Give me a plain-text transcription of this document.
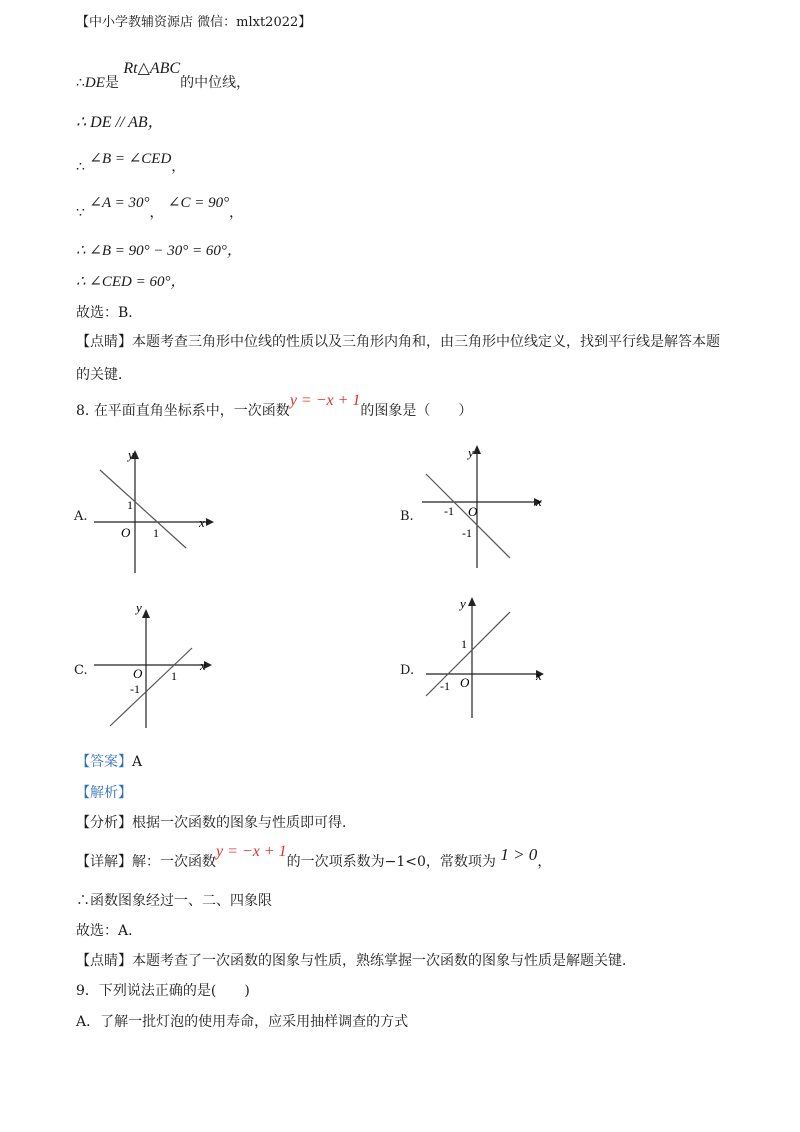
【中小学教辅资源店 微信：mlxt2022】
∴DE是 Rt△ABC的中位线，
∴ DE // AB，
∴ ∠B = ∠CED，
∵ ∠A = 30°， ∠C = 90°，
∴ ∠B = 90° − 30° = 60°，
∴ ∠CED = 60°，
故选：B．
【点睛】本题考查三角形中位线的性质以及三角形内角和，由三角形中位线定义，找到平行线是解答本题
的关键．
8. 在平面直角坐标系中，一次函数y = −x + 1的图象是（　　）
A.
y
x
1
O 1
B.
y
x
-1 O
-1
C.
y
x
O
-1
1	D.
y
x
1
-1 O
【答案】A
【解析】
【分析】根据一次函数的图象与性质即可得．
【详解】解：一次函数y = −x + 1的一次项系数为−1<0，常数项为 1 > 0，
∴函数图象经过一、二、四象限
故选：A．
【点睛】本题考查了一次函数的图象与性质，熟练掌握一次函数的图象与性质是解题关键．
9．下列说法正确的是(　　)
A．了解一批灯泡的使用寿命，应采用抽样调查的方式
